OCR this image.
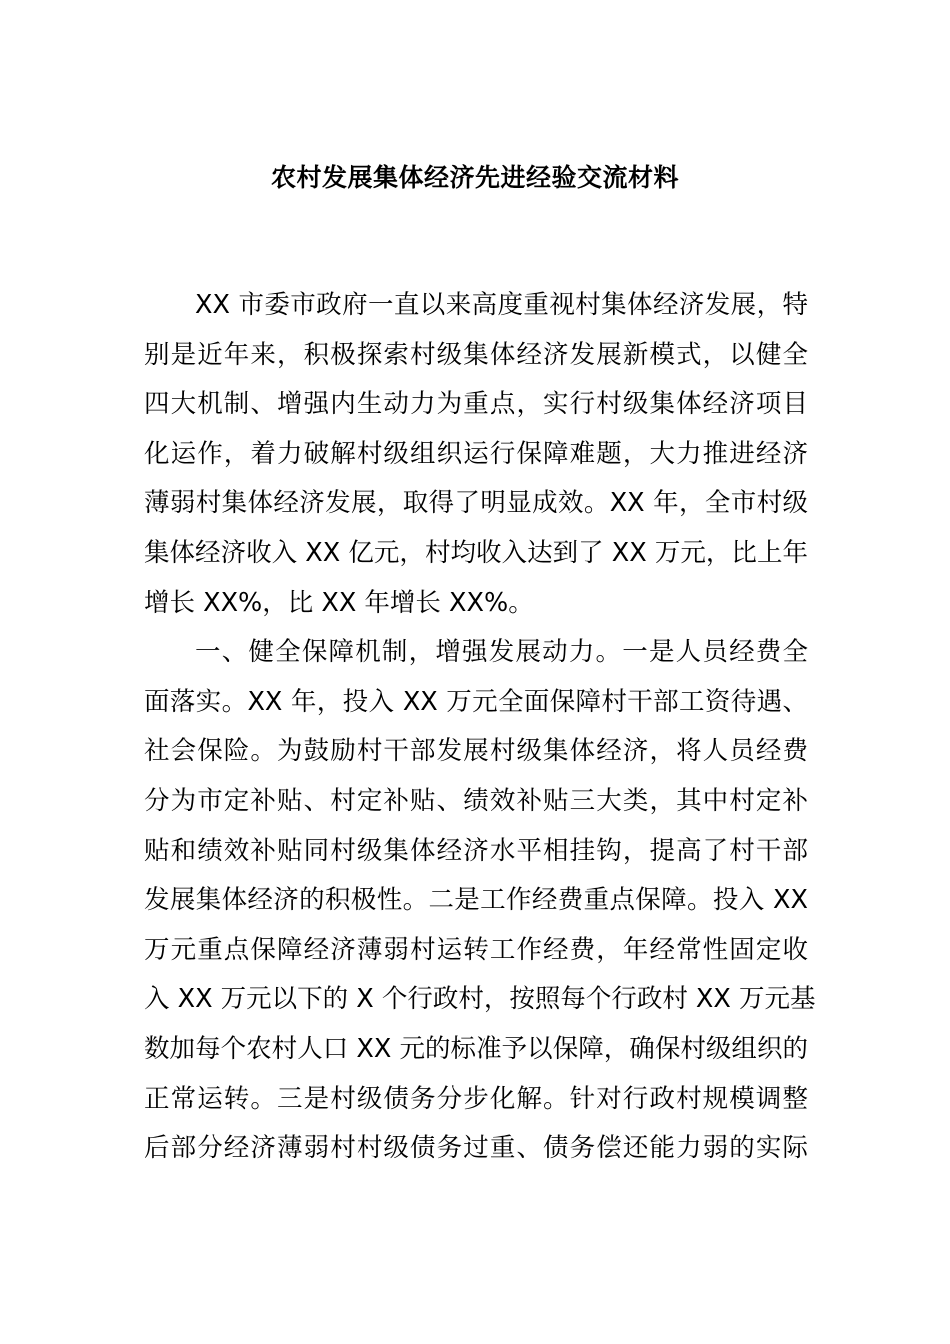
农村发展集体经济先进经验交流材料
XX 市委市政府一直以来高度重视村集体经济发展，特
别是近年来，积极探索村级集体经济发展新模式，以健全
四大机制、增强内生动力为重点，实行村级集体经济项目
化运作，着力破解村级组织运行保障难题，大力推进经济
薄弱村集体经济发展，取得了明显成效。XX 年，全市村级
集体经济收入 XX 亿元，村均收入达到了 XX 万元，比上年
增长 XX%，比 XX 年增长 XX%。
一、健全保障机制，增强发展动力。一是人员经费全
面落实。XX 年，投入 XX 万元全面保障村干部工资待遇、
社会保险。为鼓励村干部发展村级集体经济，将人员经费
分为市定补贴、村定补贴、绩效补贴三大类，其中村定补
贴和绩效补贴同村级集体经济水平相挂钩，提高了村干部
发展集体经济的积极性。二是工作经费重点保障。投入 XX
万元重点保障经济薄弱村运转工作经费，年经常性固定收
入 XX 万元以下的 X 个行政村，按照每个行政村 XX 万元基
数加每个农村人口 XX 元的标准予以保障，确保村级组织的
正常运转。三是村级债务分步化解。针对行政村规模调整
后部分经济薄弱村村级债务过重、债务偿还能力弱的实际
